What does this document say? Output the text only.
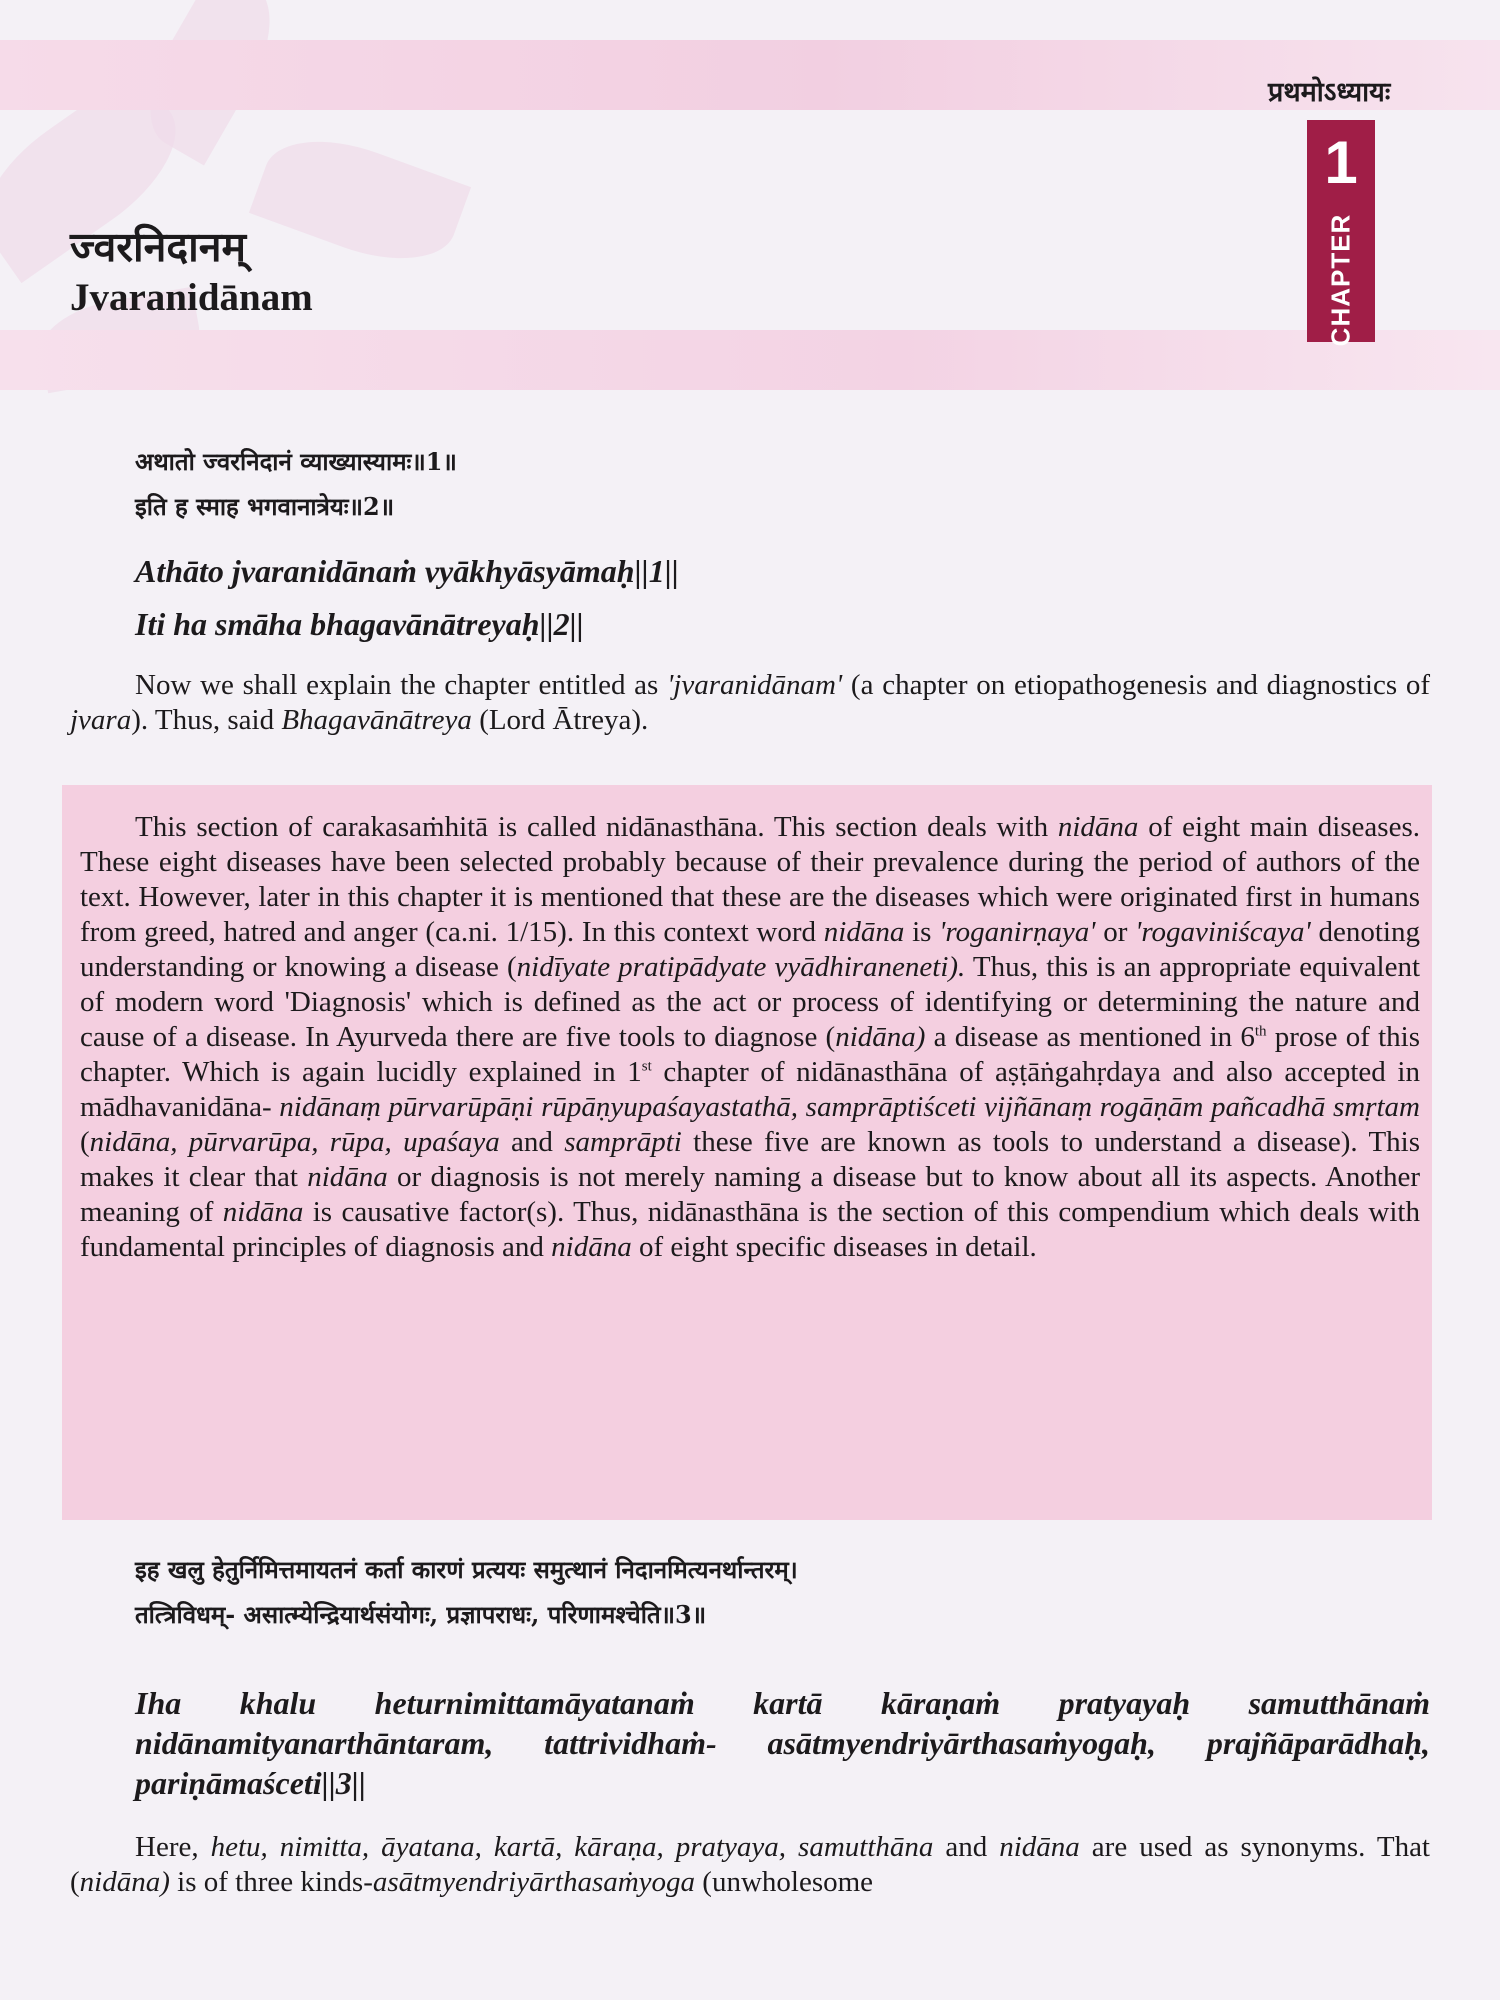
प्रथमोऽध्यायः
1
CHAPTER
ज्वरनिदानम्
Jvaranidānam
अथातो ज्वरनिदानं व्याख्यास्यामः॥1॥
इति ह स्माह भगवानात्रेयः॥2॥
Athāto jvaranidānaṁ vyākhyāsyāmaḥ||1||
Iti ha smāha bhagavānātreyaḥ||2||
Now we shall explain the chapter entitled as 'jvaranidānam' (a chapter on etiopathogenesis and diagnostics of jvara). Thus, said Bhagavānātreya (Lord Ātreya).
This section of carakasaṁhitā is called nidānasthāna. This section deals with nidāna of eight main diseases. These eight diseases have been selected probably because of their prevalence during the period of authors of the text. However, later in this chapter it is mentioned that these are the diseases which were originated first in humans from greed, hatred and anger (ca.ni. 1/15). In this context word nidāna is 'roganirṇaya' or 'rogaviniścaya' denoting understanding or knowing a disease (nidīyate pratipādyate vyādhiraneneti). Thus, this is an appropriate equivalent of modern word 'Diagnosis' which is defined as the act or process of identifying or determining the nature and cause of a disease. In Ayurveda there are five tools to diagnose (nidāna) a disease as mentioned in 6th prose of this chapter. Which is again lucidly explained in 1st chapter of nidānasthāna of aṣṭāṅgahṛdaya and also accepted in mādhavanidāna- nidānaṃ pūrvarūpāṇi rūpāṇyupaśayastathā, samprāptiśceti vijñānaṃ rogāṇām pañcadhā smṛtam (nidāna, pūrvarūpa, rūpa, upaśaya and samprāpti these five are known as tools to understand a disease). This makes it clear that nidāna or diagnosis is not merely naming a disease but to know about all its aspects. Another meaning of nidāna is causative factor(s). Thus, nidānasthāna is the section of this compendium which deals with fundamental principles of diagnosis and nidāna of eight specific diseases in detail.
इह खलु हेतुर्निमित्तमायतनं कर्ता कारणं प्रत्ययः समुत्थानं निदानमित्यनर्थान्तरम्।
तत्त्रिविधम्- असात्म्येन्द्रियार्थसंयोगः, प्रज्ञापराधः, परिणामश्चेति॥3॥
Iha khalu heturnimittamāyatanaṁ kartā kāraṇaṁ pratyayaḥ samutthānaṁ nidānamityanarthāntaram, tattrividhaṁ- asātmyendriyārthasaṁyogaḥ, prajñāparādhaḥ, pariṇāmaśceti||3||
Here, hetu, nimitta, āyatana, kartā, kāraṇa, pratyaya, samutthāna and nidāna are used as synonyms. That (nidāna) is of three kinds-asātmyendriyārthasaṁyoga (unwholesome
